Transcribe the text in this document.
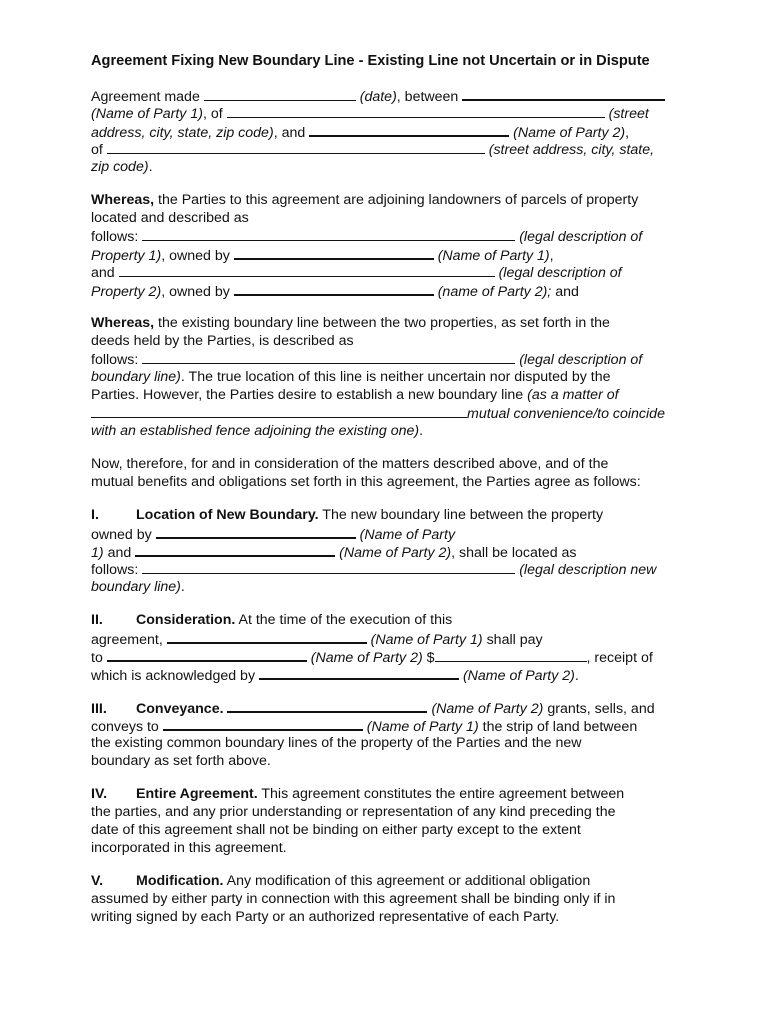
Agreement Fixing New Boundary Line - Existing Line not Uncertain or in Dispute
Agreement made	(date), between
(Name of Party 1), of	(street
address, city, state, zip code), and	(Name of Party 2),
of	(street address, city, state,
zip code).
Whereas, the Parties to this agreement are adjoining landowners of parcels of property
located and described as
follows:	(legal description of
Property 1), owned by	(Name of Party 1),
and	(legal description of
Property 2), owned by	(name of Party 2); and
Whereas, the existing boundary line between the two properties, as set forth in the
deeds held by the Parties, is described as
follows:	(legal description of
boundary line). The true location of this line is neither uncertain nor disputed by the
Parties. However, the Parties desire to establish a new boundary line (as a matter of
mutual convenience/to coincide
with an established fence adjoining the existing one).
Now, therefore, for and in consideration of the matters described above, and of the
mutual benefits and obligations set forth in this agreement, the Parties agree as follows:
I.	Location of New Boundary. The new boundary line between the property
owned by	(Name of Party
1) and	(Name of Party 2), shall be located as
follows:	(legal description new
boundary line).
II. Consideration. At the time of the execution of this
agreement,	(Name of Party 1) shall pay
to	(Name of Party 2) $	, receipt of
which is acknowledged by	(Name of Party 2).
III. Conveyance.	(Name of Party 2) grants, sells, and
conveys to	(Name of Party 1) the strip of land between
the existing common boundary lines of the property of the Parties and the new
boundary as set forth above.
IV. Entire Agreement. This agreement constitutes the entire agreement between
the parties, and any prior understanding or representation of any kind preceding the
date of this agreement shall not be binding on either party except to the extent
incorporated in this agreement.
V. Modification. Any modification of this agreement or additional obligation
assumed by either party in connection with this agreement shall be binding only if in
writing signed by each Party or an authorized representative of each Party.
